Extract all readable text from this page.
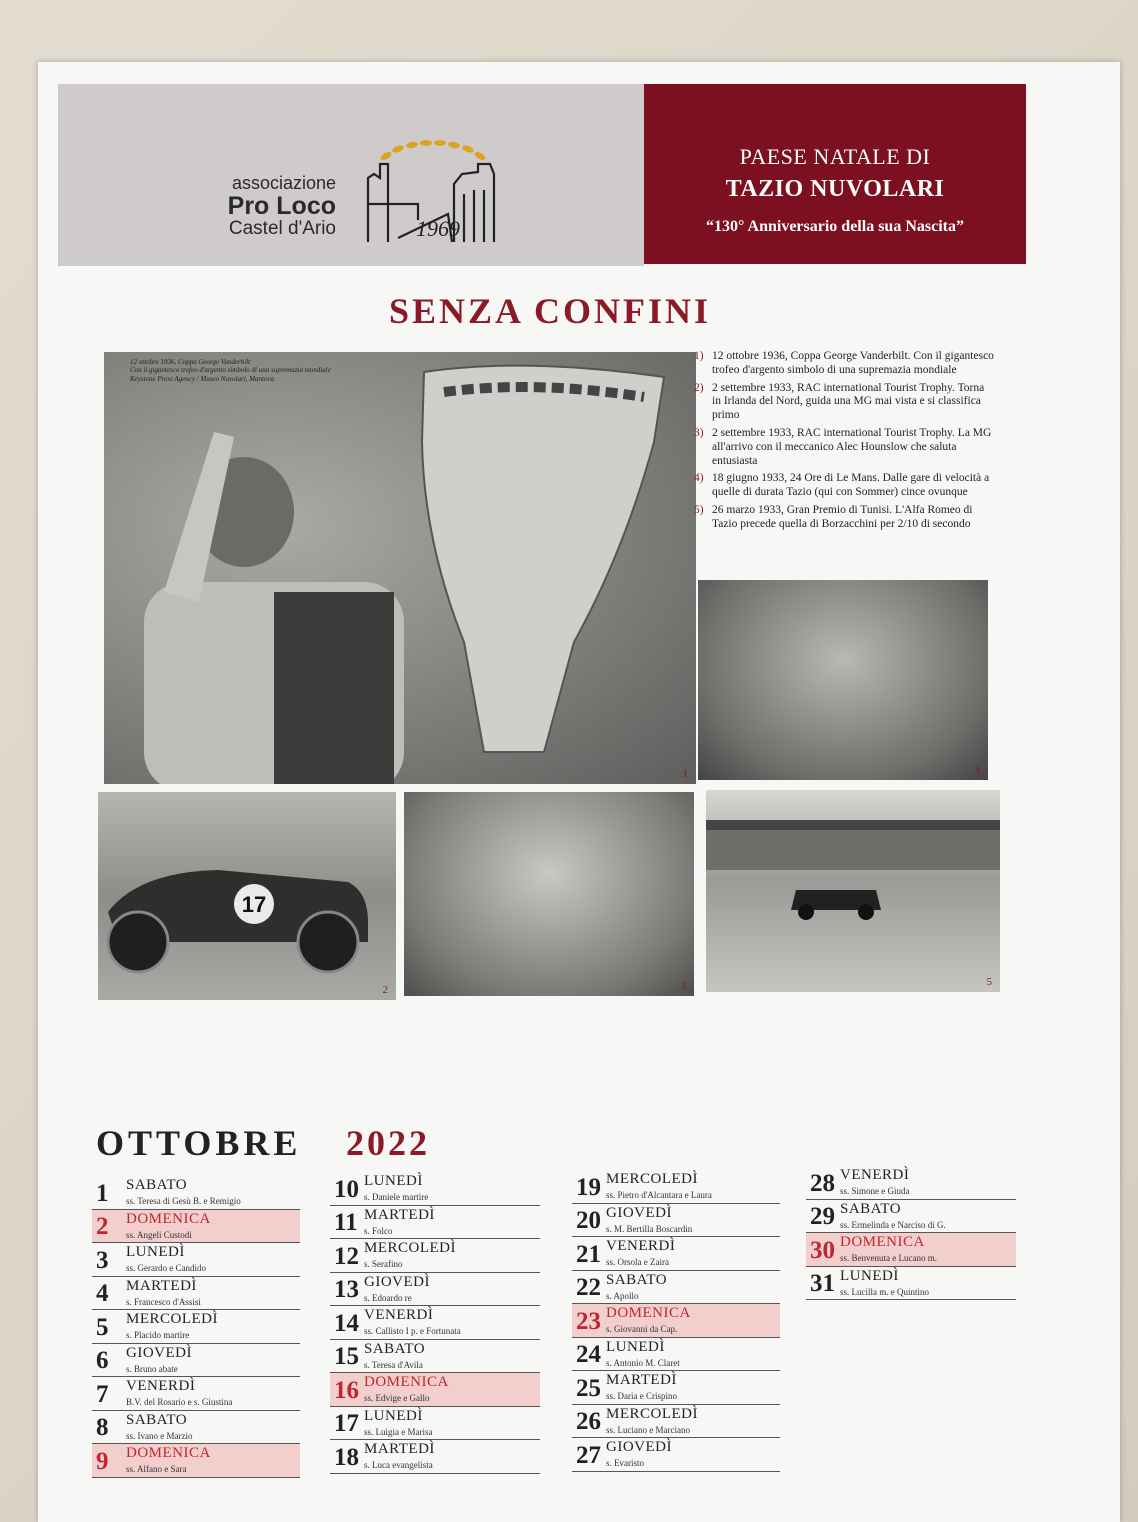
associazione
Pro Loco
Castel d'Ario	1969
PAESE NATALE DI
TAZIO NUVOLARI
“130° Anniversario della sua Nascita”
SENZA CONFINI
12 ottobre 1936, Coppa George Vanderbilt
Con il gigantesco trofeo d'argento simbolo di una supremazia mondiale
Keystone Press Agency / Museo Nuvolari, Mantova
1
17
2	3
4
5
1) 12 ottobre 1936, Coppa George Vanderbilt. Con il gigantesco trofeo d'argento simbolo di una supremazia mondiale
2) 2 settembre 1933, RAC international Tourist Trophy. Torna in Irlanda del Nord, guida una MG mai vista e si classifica primo
3) 2 settembre 1933, RAC international Tourist Trophy. La MG all'arrivo con il meccanico Alec Hounslow che saluta entusiasta
4) 18 giugno 1933, 24 Ore di Le Mans. Dalle gare di velocità a quelle di durata Tazio (qui con Sommer) cince ovunque
5) 26 marzo 1933, Gran Premio di Tunisi. L'Alfa Romeo di Tazio precede quella di Borzacchini per 2/10 di secondo
OTTOBRE 2022
1	SABATO
ss. Teresa di Gesù B. e Remigio
2	DOMENICA
ss. Angeli Custodi
3	LUNEDÌ
ss. Gerardo e Candido
4	MARTEDÌ
s. Francesco d'Assisi
5	MERCOLEDÌ
s. Placido martire
6	GIOVEDÌ
s. Bruno abate
7	VENERDÌ
B.V. del Rosario e s. Giustina
8	SABATO
ss. Ivano e Marzio
9	DOMENICA
ss. Alfano e Sara
10 LUNEDÌ
s. Daniele martire
11 MARTEDÌ
s. Folco
12 MERCOLEDÌ
s. Serafino
13 GIOVEDÌ
s. Edoardo re
14 VENERDÌ
ss. Callisto I p. e Fortunata
15 SABATO
s. Teresa d'Avila
16 DOMENICA
ss. Edvige e Gallo
17 LUNEDÌ
ss. Luigia e Marisa
18 MARTEDÌ
s. Luca evangelista
19 MERCOLEDÌ
ss. Pietro d'Alcantara e Laura
20 GIOVEDÌ
s. M. Bertilla Boscardin
21 VENERDÌ
ss. Orsola e Zaira
22 SABATO
s. Apollo
23 DOMENICA
s. Giovanni da Cap.
24 LUNEDÌ
s. Antonio M. Claret
25 MARTEDÌ
ss. Daria e Crispino
26 MERCOLEDÌ
ss. Luciano e Marciano
27 GIOVEDÌ
s. Evaristo
28 VENERDÌ
ss. Simone e Giuda
29 SABATO
ss. Ermelinda e Narciso di G.
30 DOMENICA
ss. Benvenuta e Lucano m.
31 LUNEDÌ
ss. Lucilla m. e Quintino
